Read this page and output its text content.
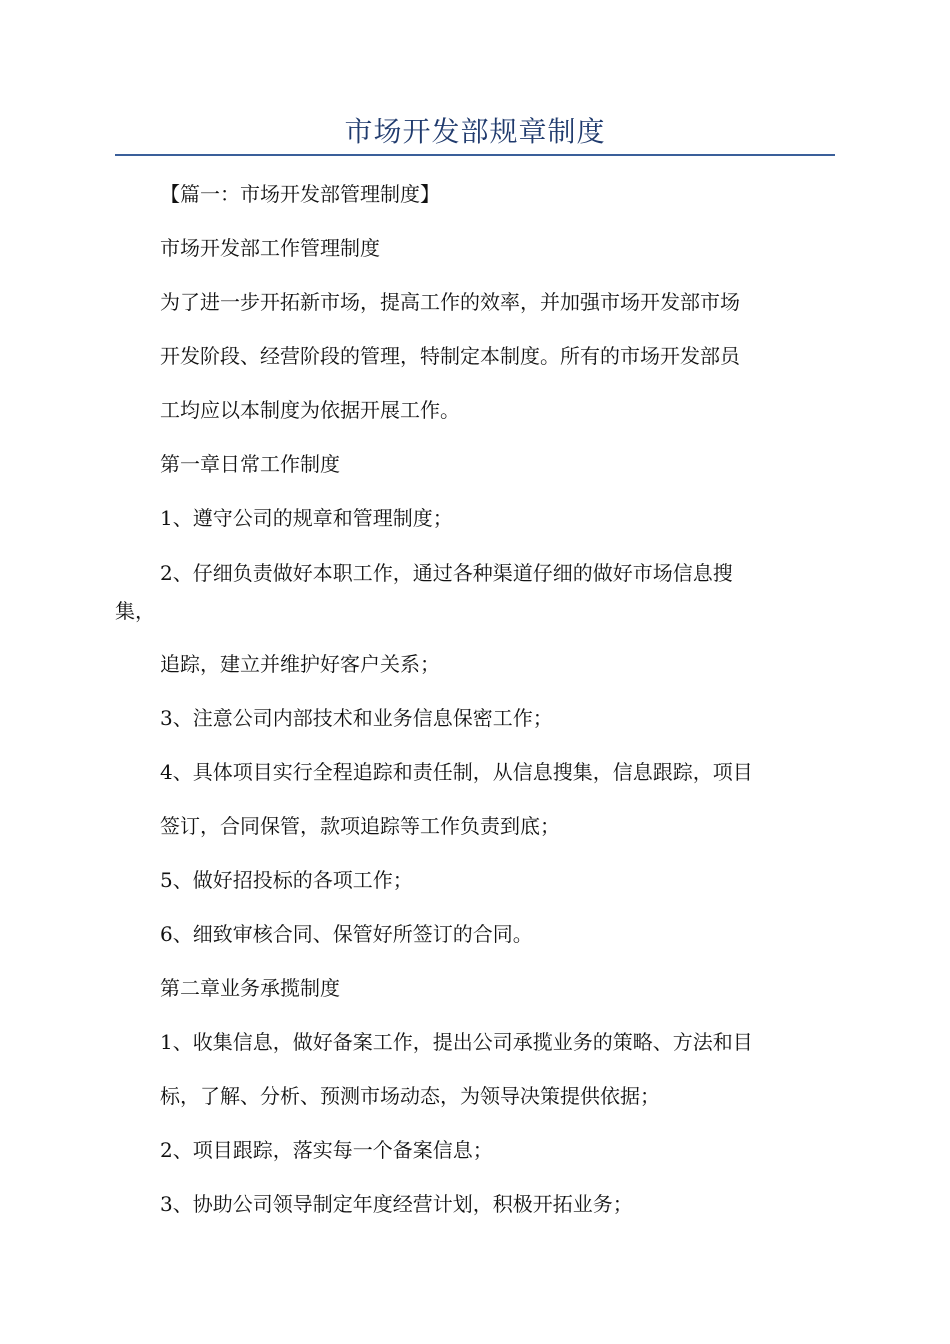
市场开发部规章制度
【篇一：市场开发部管理制度】
市场开发部工作管理制度
为了进一步开拓新市场，提高工作的效率，并加强市场开发部市场
开发阶段、经营阶段的管理，特制定本制度。所有的市场开发部员
工均应以本制度为依据开展工作。
第一章日常工作制度
1、遵守公司的规章和管理制度；
2、仔细负责做好本职工作，通过各种渠道仔细的做好市场信息搜
集，
追踪，建立并维护好客户关系；
3、注意公司内部技术和业务信息保密工作；
4、具体项目实行全程追踪和责任制，从信息搜集，信息跟踪，项目
签订，合同保管，款项追踪等工作负责到底；
5、做好招投标的各项工作；
6、细致审核合同、保管好所签订的合同。
第二章业务承揽制度
1、收集信息，做好备案工作，提出公司承揽业务的策略、方法和目
标，了解、分析、预测市场动态，为领导决策提供依据；
2、项目跟踪，落实每一个备案信息；
3、协助公司领导制定年度经营计划，积极开拓业务；
